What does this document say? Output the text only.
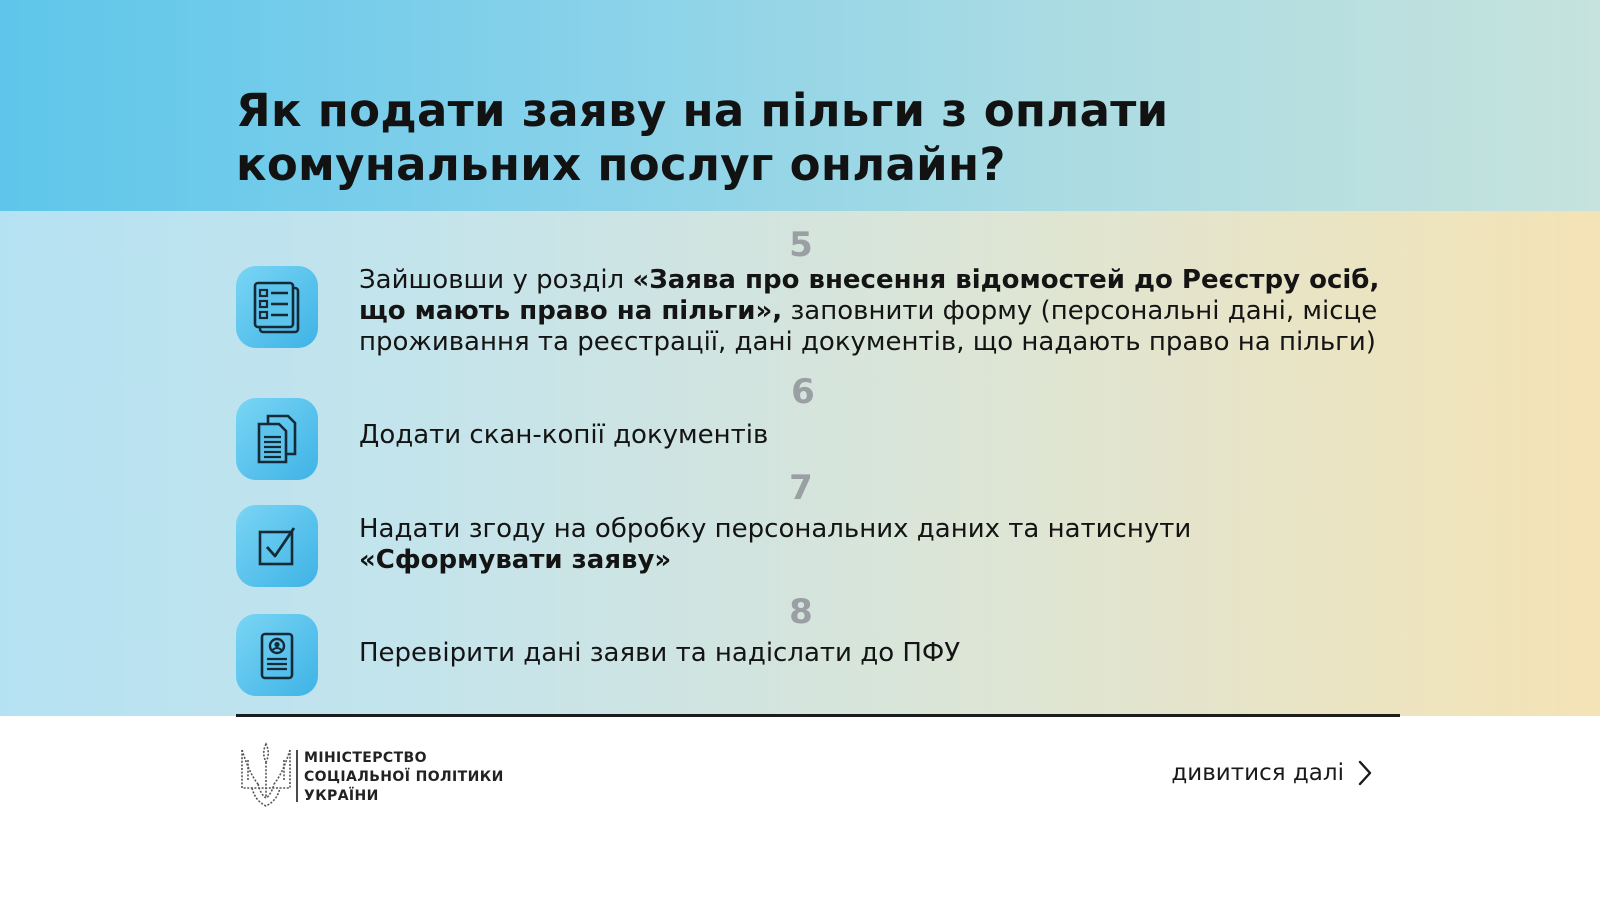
Як подати заяву на пільги з оплати
комунальних послуг онлайн?
5

Зайшовши у розділ «Заява про внесення відомостей до Реєстру осіб, що мають право на пільги», заповнити форму (персональні дані, місце проживання та реєстрації, дані документів, що надають право на пільги)

6

Додати скан-копії документів

7

Надати згоду на обробку персональних даних та натиснути
«Сформувати заяву»

8

Перевірити дані заяви та надіслати до ПФУ

МІНІСТЕРСТВО
СОЦІАЛЬНОЇ ПОЛІТИКИ
УКРАЇНИ
дивитися далі
